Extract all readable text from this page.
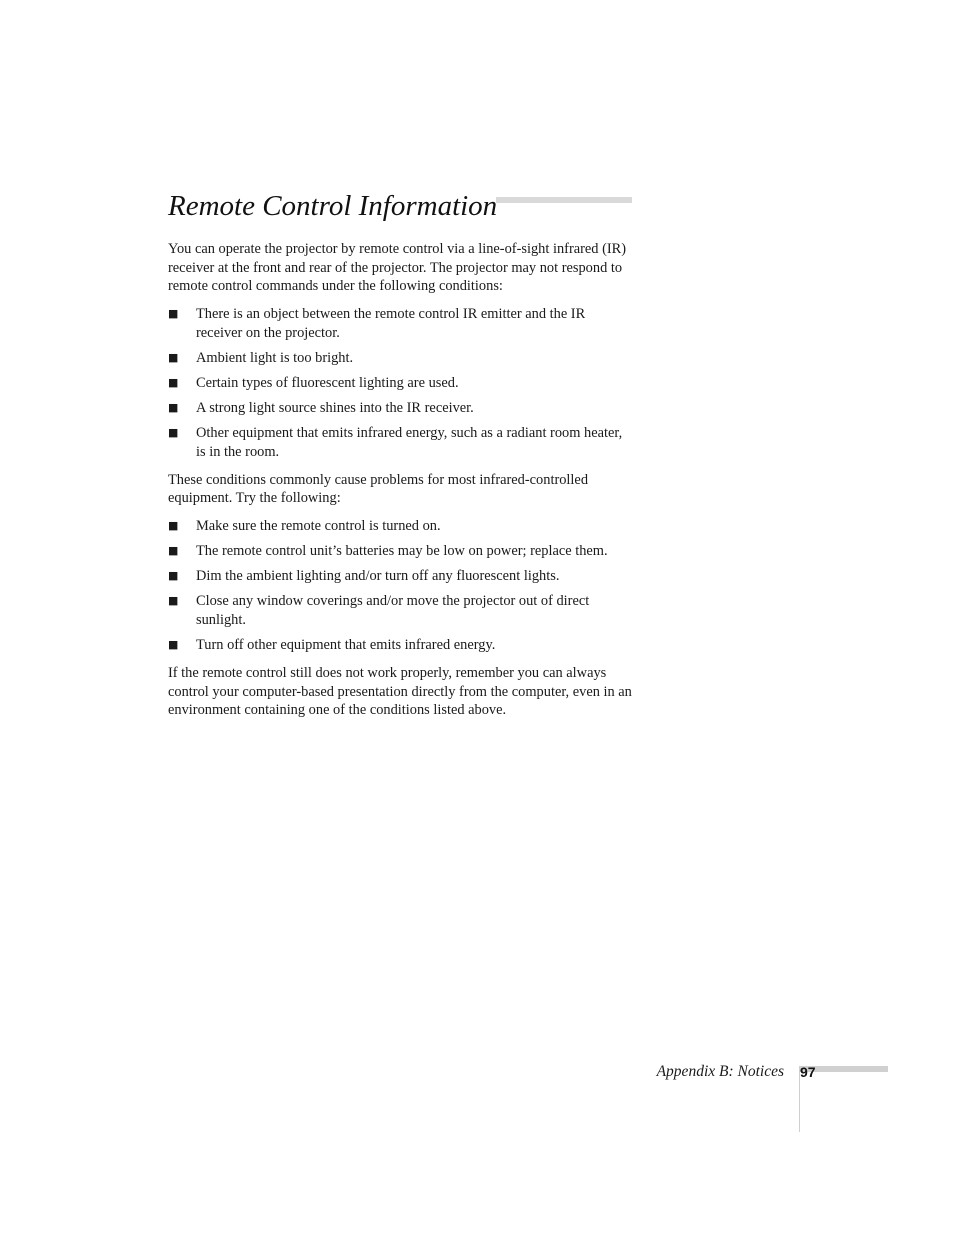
Remote Control Information

You can operate the projector by remote control via a line-of-sight infrared (IR) receiver at the front and rear of the projector. The projector may not respond to remote control commands under the following conditions:

■ There is an object between the remote control IR emitter and the IR receiver on the projector.
■ Ambient light is too bright.
■ Certain types of fluorescent lighting are used.
■ A strong light source shines into the IR receiver.
■ Other equipment that emits infrared energy, such as a radiant room heater, is in the room.

These conditions commonly cause problems for most infrared-controlled equipment. Try the following:

■ Make sure the remote control is turned on.
■ The remote control unit’s batteries may be low on power; replace them.
■ Dim the ambient lighting and/or turn off any fluorescent lights.
■ Close any window coverings and/or move the projector out of direct sunlight.
■ Turn off other equipment that emits infrared energy.

If the remote control still does not work properly, remember you can always control your computer-based presentation directly from the computer, even in an environment containing one of the conditions listed above.

Appendix B: Notices 97
